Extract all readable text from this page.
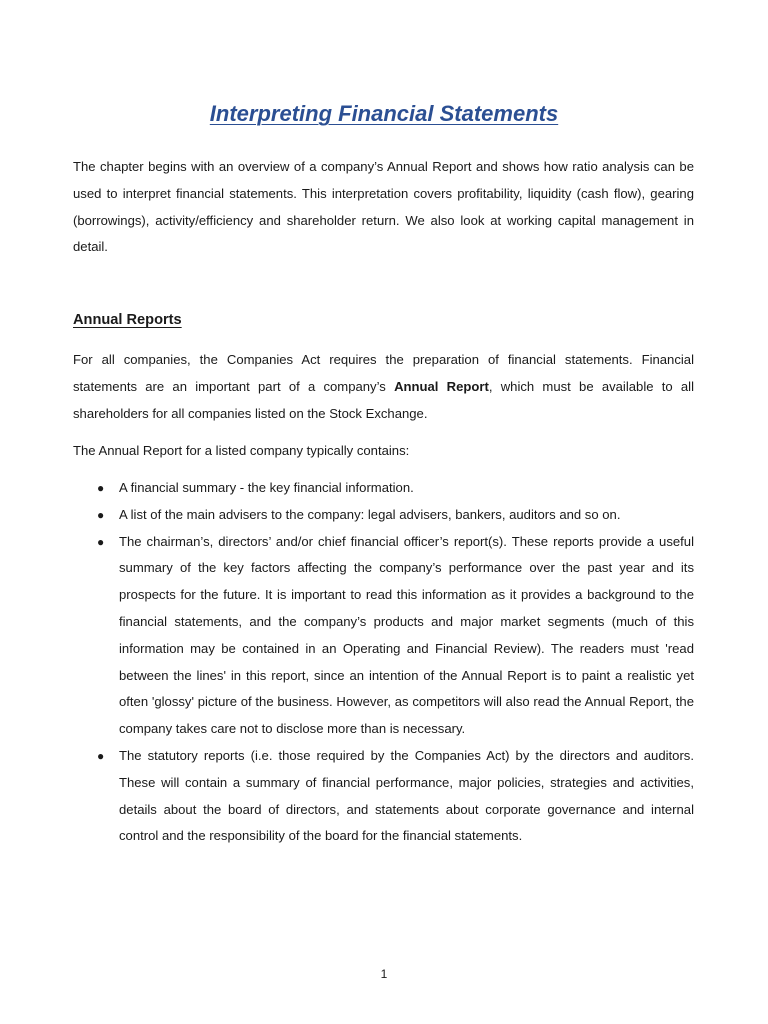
Interpreting Financial Statements

The chapter begins with an overview of a company’s Annual Report and shows how ratio analysis can be used to interpret financial statements. This interpretation covers profitability, liquidity (cash flow), gearing (borrowings), activity/efficiency and shareholder return. We also look at working capital management in detail.

Annual Reports

For all companies, the Companies Act requires the preparation of financial statements. Financial statements are an important part of a company’s Annual Report, which must be available to all shareholders for all companies listed on the Stock Exchange.

The Annual Report for a listed company typically contains:

● A financial summary - the key financial information.
● A list of the main advisers to the company: legal advisers, bankers, auditors and so on.
● The chairman’s, directors’ and/or chief financial officer’s report(s). These reports provide a useful summary of the key factors affecting the company’s performance over the past year and its prospects for the future. It is important to read this information as it provides a background to the financial statements, and the company’s products and major market segments (much of this information may be contained in an Operating and Financial Review). The readers must 'read between the lines' in this report, since an intention of the Annual Report is to paint a realistic yet often 'glossy' picture of the business. However, as competitors will also read the Annual Report, the company takes care not to disclose more than is necessary.
● The statutory reports (i.e. those required by the Companies Act) by the directors and auditors. These will contain a summary of financial performance, major policies, strategies and activities, details about the board of directors, and statements about corporate governance and internal control and the responsibility of the board for the financial statements.
1
